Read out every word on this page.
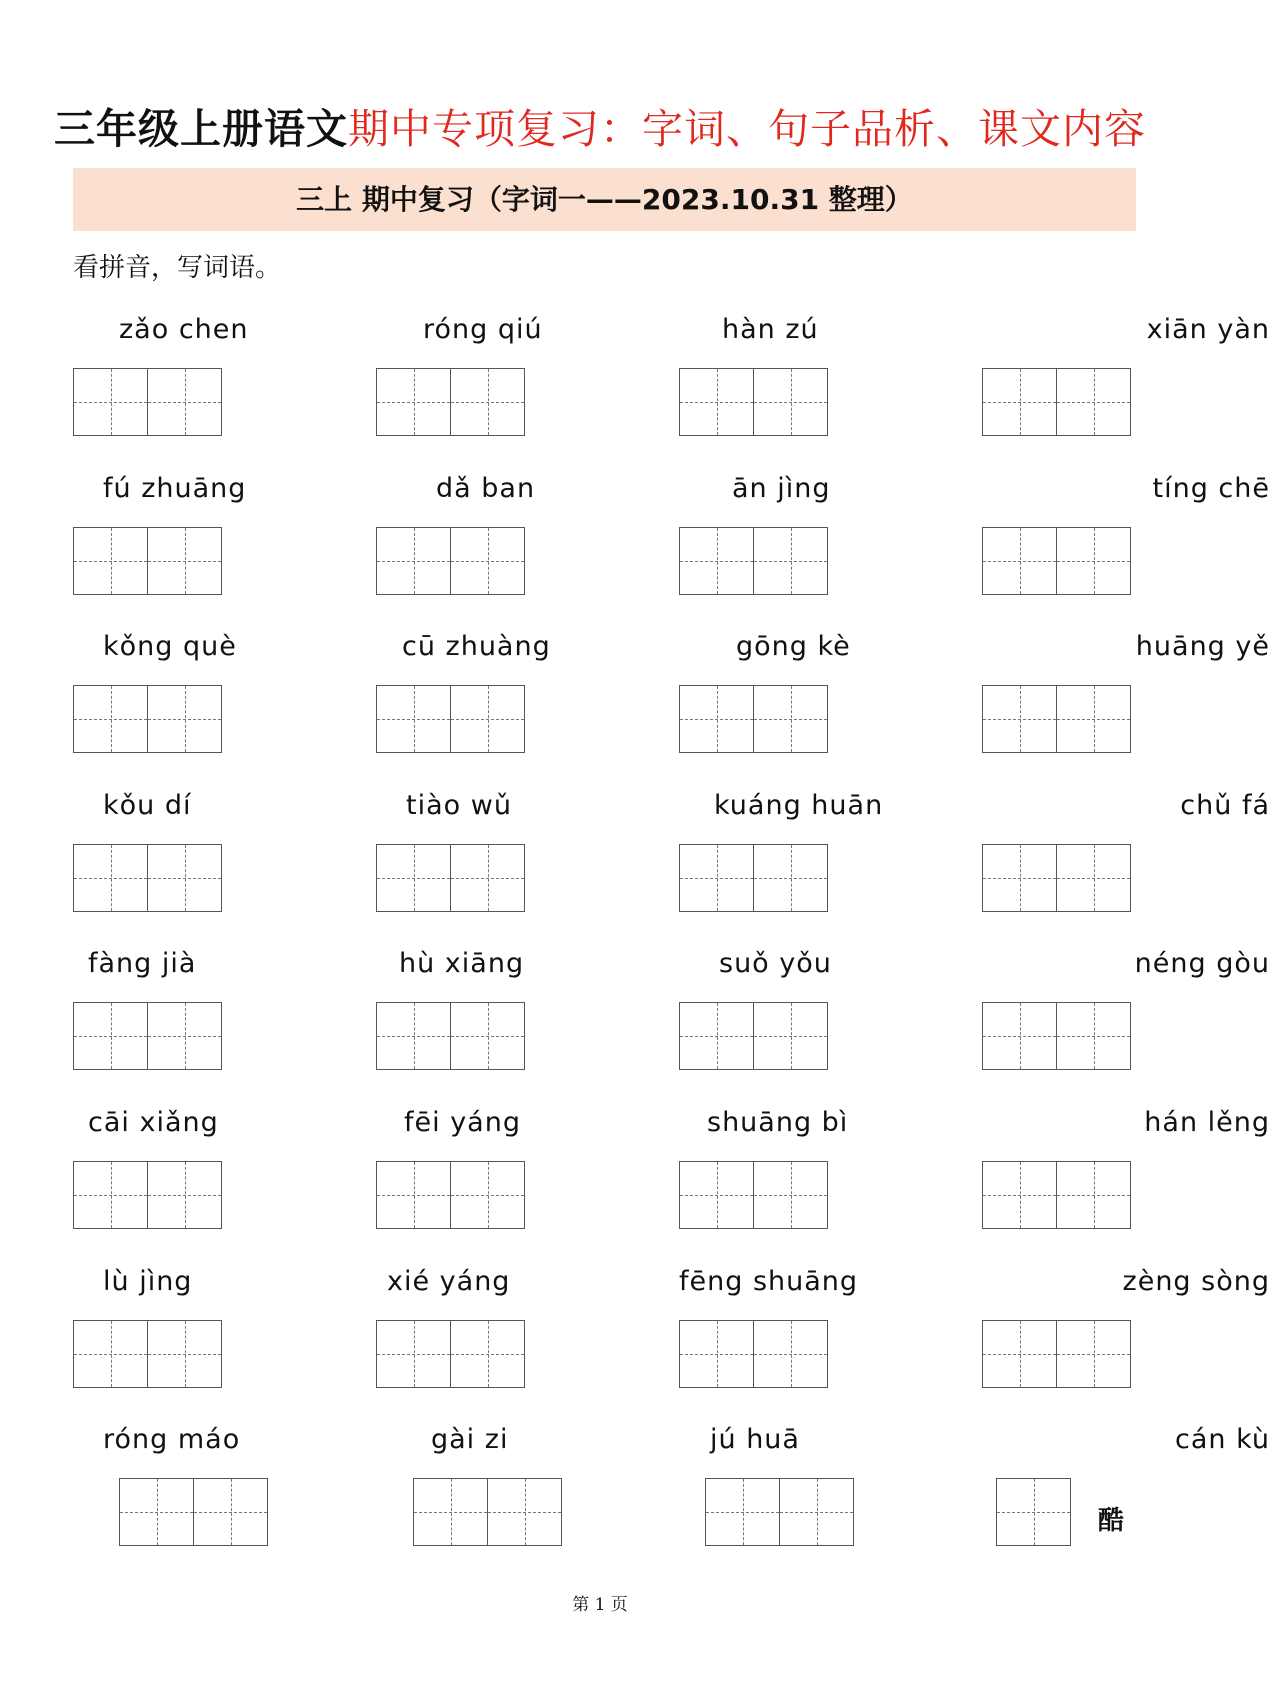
三年级上册语文期中专项复习：字词、句子品析、课文内容
三上 期中复习（字词一——2023.10.31 整理）
看拼音，写词语。
zǎo chen	róng qiú	hàn zú	xiān yàn
fú zhuāng	dǎ ban	ān jìng	tíng chē
kǒng què	cū zhuàng	gōng kè	huāng yě
kǒu dí	tiào wǔ	kuáng huān	chǔ fá
fàng jià	hù xiāng	suǒ yǒu	néng gòu
cāi xiǎng	fēi yáng	shuāng bì	hán lěng
lù jìng	xié yáng	fēng shuāng	zèng sòng
róng máo	gài zi	jú huā	cán kù
酷
第 1 页
